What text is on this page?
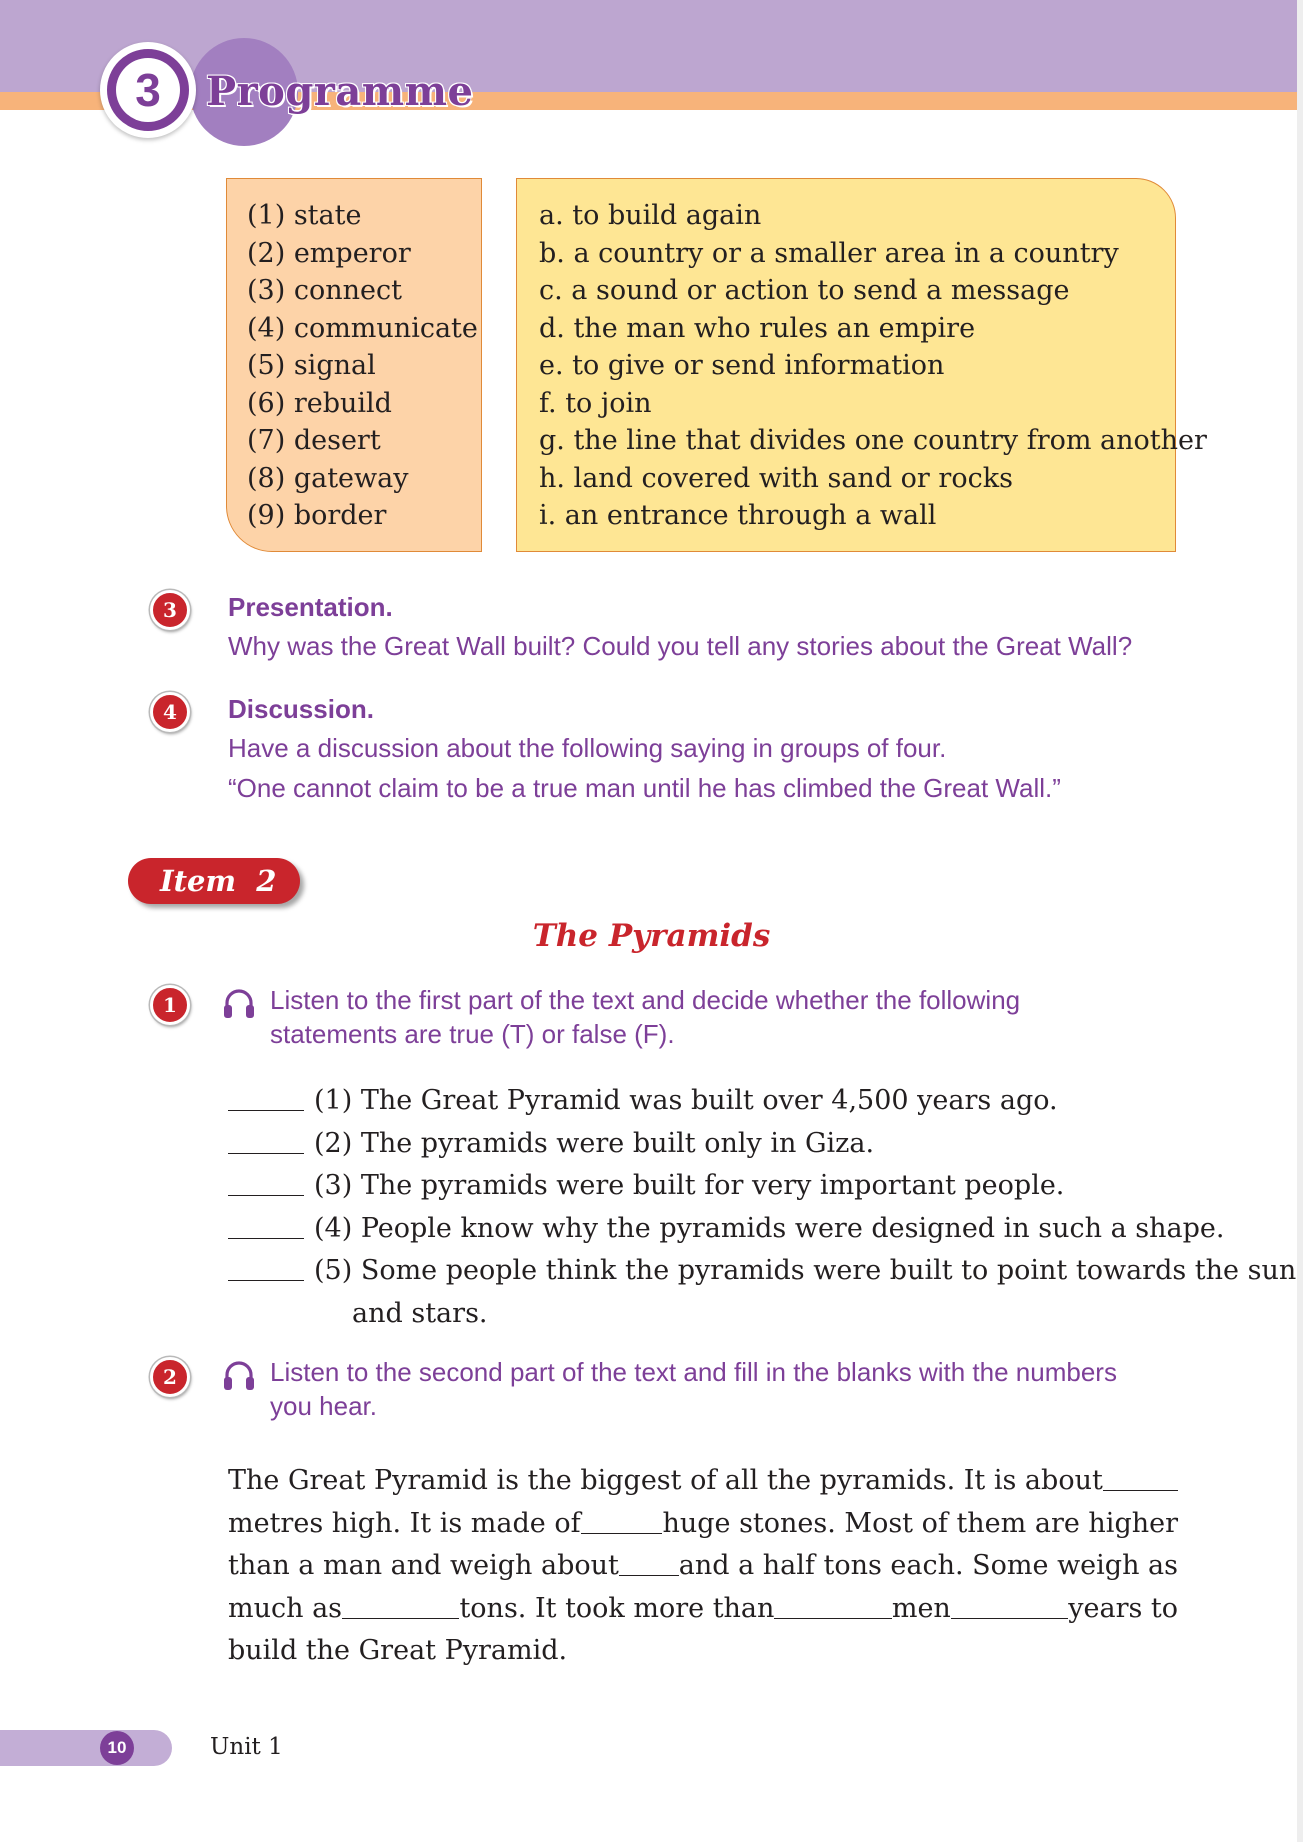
3	Programme
(1) state
(2) emperor
(3) connect
(4) communicate
(5) signal
(6) rebuild
(7) desert
(8) gateway
(9) border
a. to build again
b. a country or a smaller area in a country
c. a sound or action to send a message
d. the man who rules an empire
e. to give or send information
f. to join
g. the line that divides one country from another
h. land covered with sand or rocks
i. an entrance through a wall
3	Presentation.
Why was the Great Wall built? Could you tell any stories about the Great Wall?
4	Discussion.
Have a discussion about the following saying in groups of four.
“One cannot claim to be a true man until he has climbed the Great Wall.”
Item  2
The Pyramids
1	Listen to the first part of the text and decide whether the following
statements are true (T) or false (F).
(1) The Great Pyramid was built over 4,500 years ago.
(2) The pyramids were built only in Giza.
(3) The pyramids were built for very important people.
(4) People know why the pyramids were designed in such a shape.
(5) Some people think the pyramids were built to point towards the sun
and stars.
2	Listen to the second part of the text and fill in the blanks with the numbers
you hear.
The Great Pyramid is the biggest of all the pyramids. It is about
metres high. It is made of	huge stones. Most of them are higher
than a man and weigh about and a half tons each. Some weigh as
much as	tons. It took more than	men	years to
build the Great Pyramid.
10	Unit 1
